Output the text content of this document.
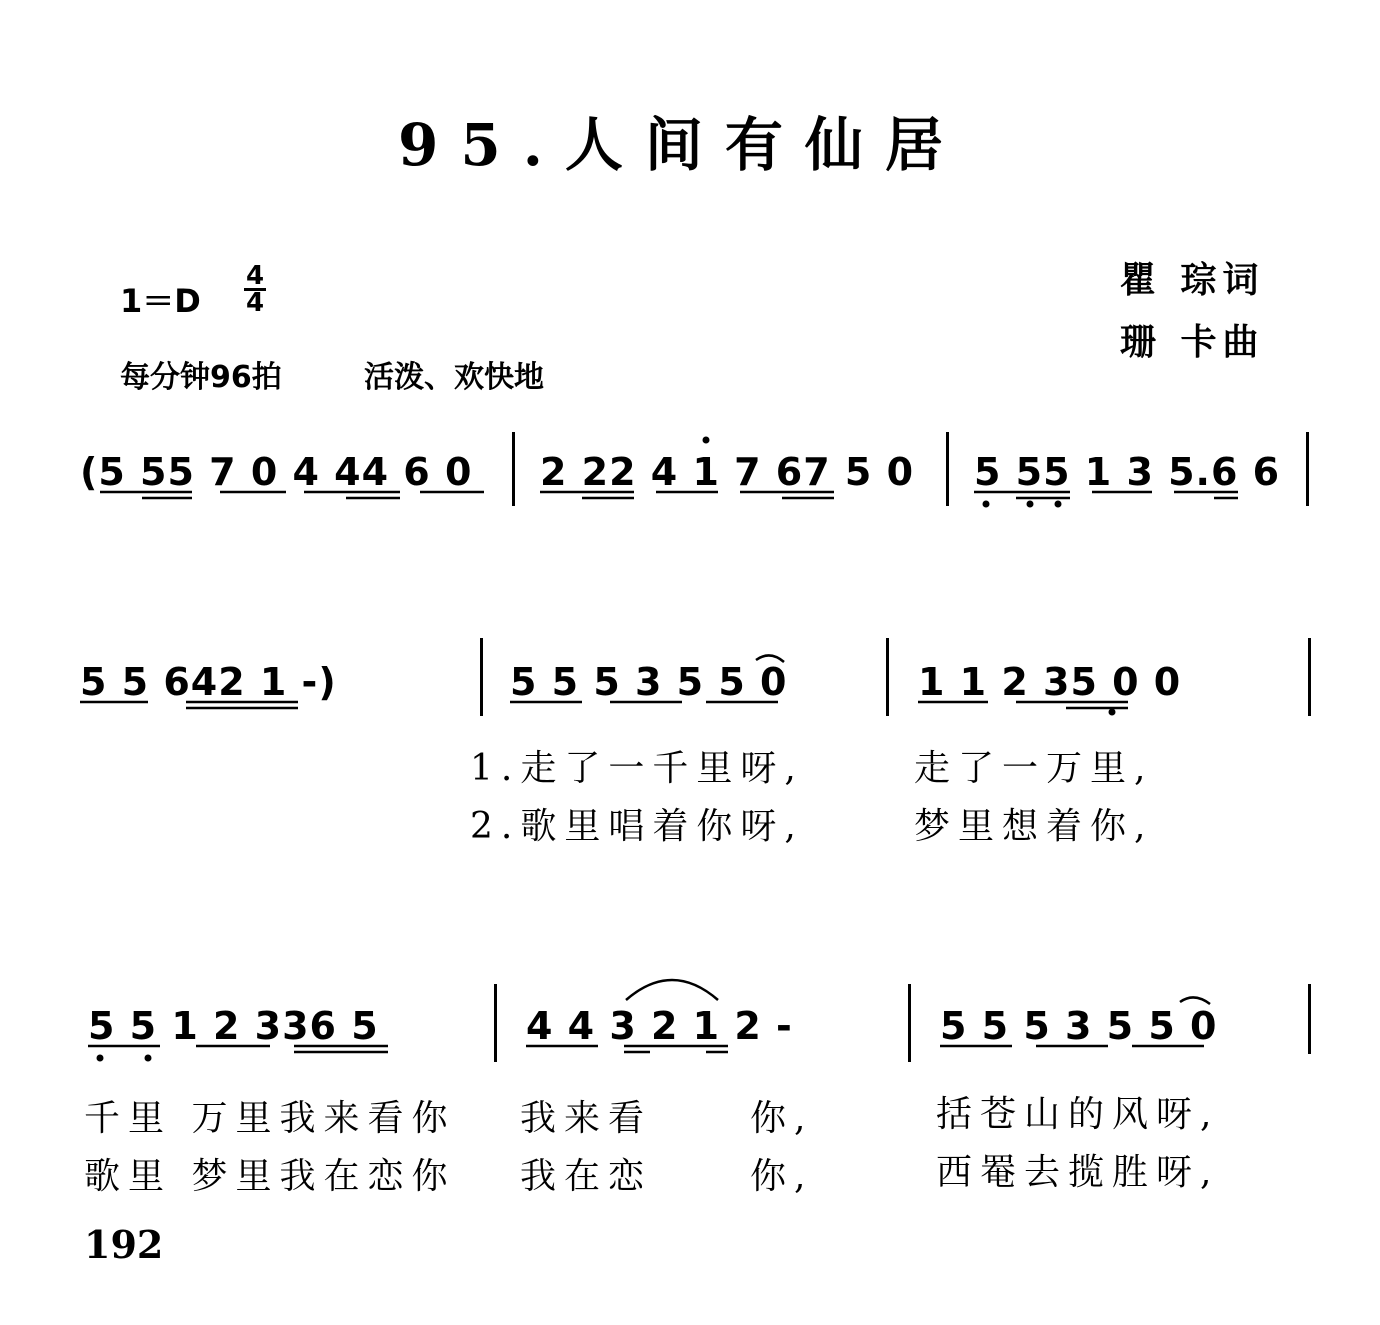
95.人间有仙居
1＝D
4
4
每分钟96拍	活泼、欢快地
瞿 琮词
珊 卡曲
(5 55 7 0 4 44 6 0 2 22 4 1 7 67 5 0 5 55 1 3 5.6 6
5 5 642 1 -)	5 5 5 3 5 5 0	1 1 2 35 0 0
1.走了一千里呀,	走了一万里,
2.歌里唱着你呀,	梦里想着你,
5 5 1 2 336 5	4 4 3 2 1 2 -	5 5 5 3 5 5 0
千里 万里我来看你 我来看	你,	括苍山的风呀,
歌里 梦里我在恋你 我在恋	你,	西罨去揽胜呀,
192
